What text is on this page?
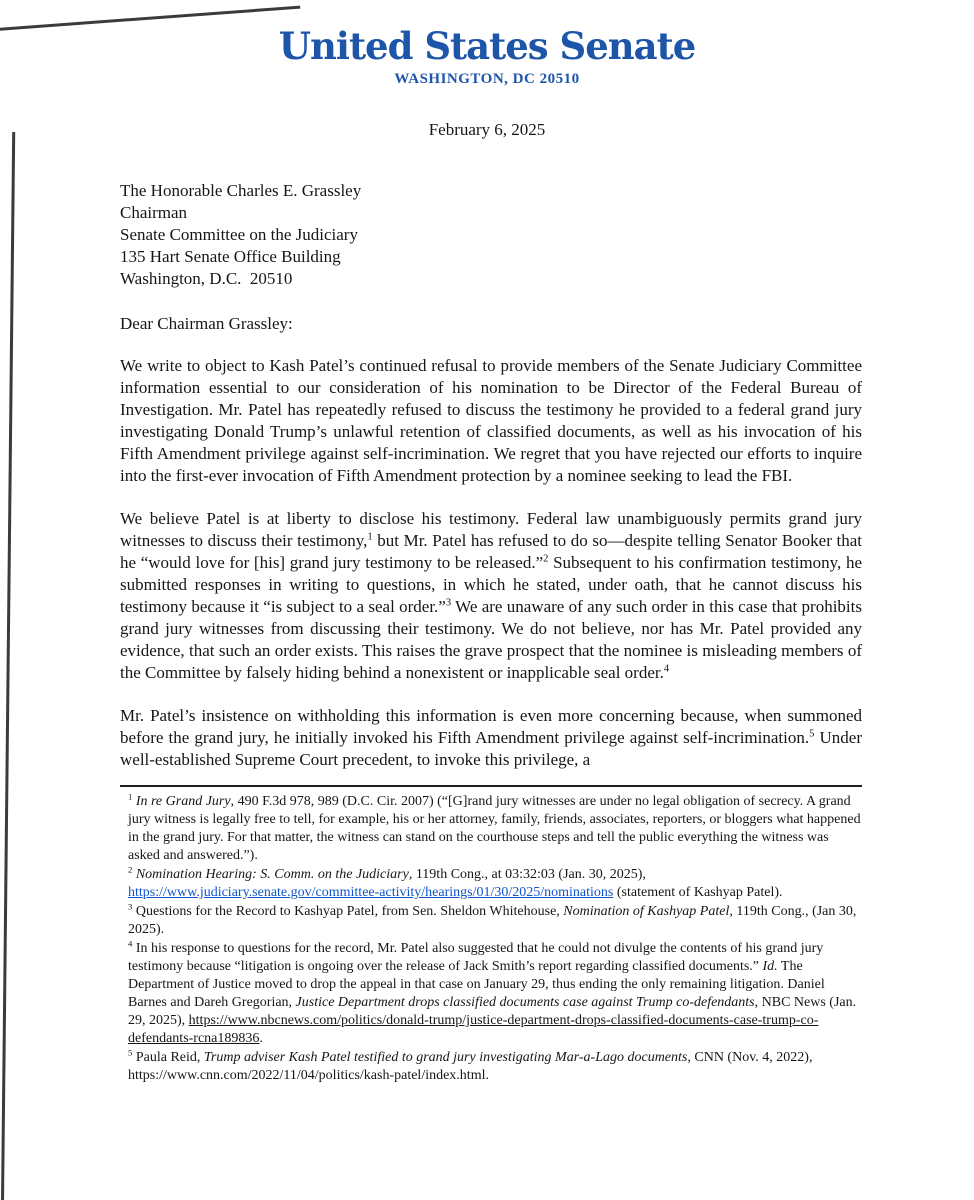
United States Senate
WASHINGTON, DC 20510
February 6, 2025
The Honorable Charles E. Grassley
Chairman
Senate Committee on the Judiciary
135 Hart Senate Office Building
Washington, D.C.  20510
Dear Chairman Grassley:

We write to object to Kash Patel’s continued refusal to provide members of the Senate Judiciary Committee information essential to our consideration of his nomination to be Director of the Federal Bureau of Investigation. Mr. Patel has repeatedly refused to discuss the testimony he provided to a federal grand jury investigating Donald Trump’s unlawful retention of classified documents, as well as his invocation of his Fifth Amendment privilege against self-incrimination. We regret that you have rejected our efforts to inquire into the first-ever invocation of Fifth Amendment protection by a nominee seeking to lead the FBI.

We believe Patel is at liberty to disclose his testimony. Federal law unambiguously permits grand jury witnesses to discuss their testimony,$^1$ but Mr. Patel has refused to do so—despite telling Senator Booker that he “would love for [his] grand jury testimony to be released.”$^2$ Subsequent to his confirmation testimony, he submitted responses in writing to questions, in which he stated, under oath, that he cannot discuss his testimony because it “is subject to a seal order.”$^3$ We are unaware of any such order in this case that prohibits grand jury witnesses from discussing their testimony. We do not believe, nor has Mr. Patel provided any evidence, that such an order exists. This raises the grave prospect that the nominee is misleading members of the Committee by falsely hiding behind a nonexistent or inapplicable seal order.$^4$

Mr. Patel’s insistence on withholding this information is even more concerning because, when summoned before the grand jury, he initially invoked his Fifth Amendment privilege against self-incrimination.$^5$ Under well-established Supreme Court precedent, to invoke this privilege, a

$^1$ In re Grand Jury, 490 F.3d 978, 989 (D.C. Cir. 2007) (“[G]rand jury witnesses are under no legal obligation of secrecy. A grand jury witness is legally free to tell, for example, his or her attorney, family, friends, associates, reporters, or bloggers what happened in the grand jury. For that matter, the witness can stand on the courthouse steps and tell the public everything the witness was asked and answered.”).

$^2$ Nomination Hearing: S. Comm. on the Judiciary, 119th Cong., at 03:32:03 (Jan. 30, 2025), https://www.judiciary.senate.gov/committee-activity/hearings/01/30/2025/nominations (statement of Kashyap Patel).

$^3$ Questions for the Record to Kashyap Patel, from Sen. Sheldon Whitehouse, Nomination of Kashyap Patel, 119th Cong., (Jan 30, 2025).

$^4$ In his response to questions for the record, Mr. Patel also suggested that he could not divulge the contents of his grand jury testimony because “litigation is ongoing over the release of Jack Smith’s report regarding classified documents.” Id. The Department of Justice moved to drop the appeal in that case on January 29, thus ending the only remaining litigation. Daniel Barnes and Dareh Gregorian, Justice Department drops classified documents case against Trump co-defendants, NBC News (Jan. 29, 2025), https://www.nbcnews.com/politics/donald-trump/justice-department-drops-classified-documents-case-trump-co-defendants-rcna189836.

$^5$ Paula Reid, Trump adviser Kash Patel testified to grand jury investigating Mar-a-Lago documents, CNN (Nov. 4, 2022), https://www.cnn.com/2022/11/04/politics/kash-patel/index.html.
